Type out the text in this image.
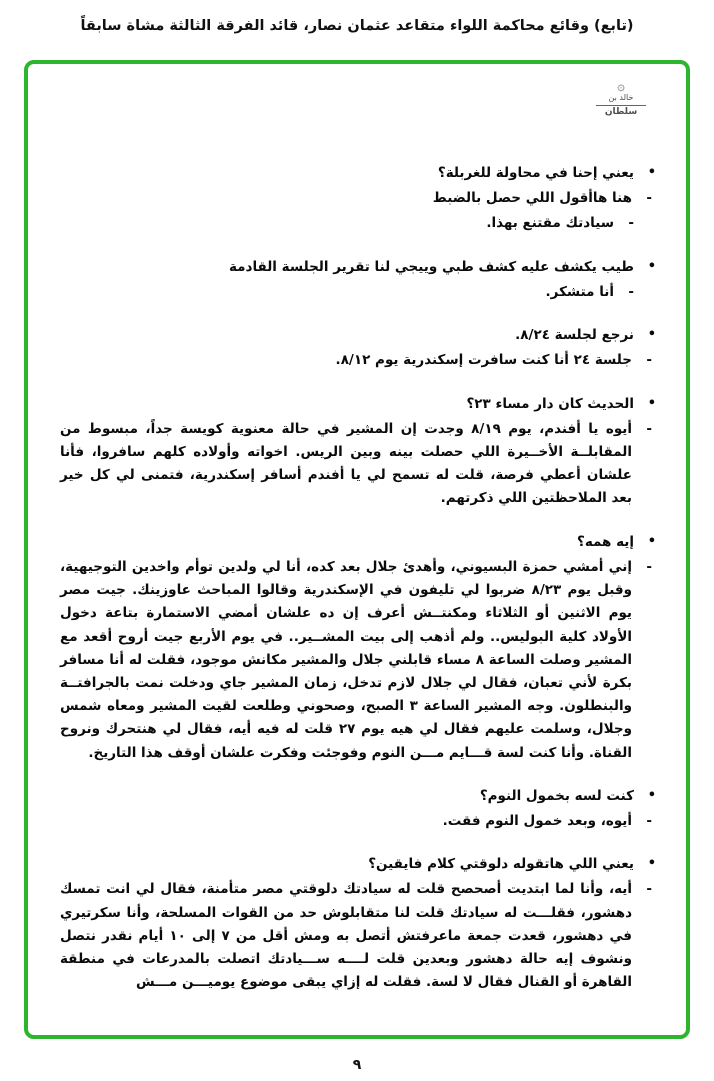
(تابع) وقائع محاكمة اللواء متقاعد عثمان نصار، قائد الفرقة الثالثة مشاة سابقاً
۞
خالد بن
سلطان
•
يعني إحنا في محاولة للغربلة؟
-
هنا هاأقول اللي حصل بالضبط
-
سيادتك مقتنع بهذا.
•
طيب يكشف عليه كشف طبي وييجي لنا تقرير الجلسة القادمة
-
أنا متشكر.
•
نرجع لجلسة ٨/٢٤.
-
جلسة ٢٤ أنا كنت سافرت إسكندرية يوم ٨/١٢.
•
الحديث كان دار مساء ٢٣؟
-
أيوه يا أفندم، يوم ٨/١٩ وجدت إن المشير في حالة معنوية كويسة جداً، مبسوط من المقابلــة الأخــيرة اللي حصلت بينه وبين الريس. اخواته وأولاده كلهم سافروا، فأنا علشان أعطي فرصة، قلت له تسمح لي يا أفندم أسافر إسكندرية، فتمنى لي كل خير بعد الملاحظتين اللي ذكرتهم.
•
إيه همه؟
-
إني أمشي حمزة البسيوني، وأهدئ جلال بعد كده، أنا لي ولدين توأم واخدين التوجيهية، وقبل يوم ٨/٢٣ ضربوا لي تليفون في الإسكندرية وقالوا المباحث عاوزينك. جيت مصر يوم الاثنين أو الثلاثاء ومكنتــش أعرف إن ده علشان أمضي الاستمارة بتاعة دخول الأولاد كلية البوليس.. ولم أذهب إلى بيت المشــير.. في يوم الأربع جيت أروح أقعد مع المشير وصلت الساعة ٨ مساء قابلني جلال والمشير مكانش موجود، فقلت له أنا مسافر بكرة لأني تعبان، فقال لي جلال لازم تدخل، زمان المشير جاي ودخلت نمت بالجرافتــة والبنطلون. وجه المشير الساعة ٣ الصبح، وصحوني وطلعت لقيت المشير ومعاه شمس وجلال، وسلمت عليهم فقال لي هيه يوم ٢٧ قلت له فيه أيه، فقال لي هنتحرك ونروح القناة. وأنا كنت لسة قـــايم مـــن النوم وفوجئت وفكرت علشان أوقف هذا التاريخ.
•
كنت لسه بخمول النوم؟
-
أيوه، وبعد خمول النوم فقت.
•
يعني اللي هاتقوله دلوقتي كلام فايقين؟
-
أيه، وأنا لما ابتديت أصحصح قلت له سيادتك دلوقتي مصر متأمنة، فقال لي انت تمسك دهشور، فقلـــت له سيادتك قلت لنا متقابلوش حد من القوات المسلحة، وأنا سكرتيري في دهشور، قعدت جمعة ماعرفتش أتصل به ومش أقل من ٧ إلى ١٠ أيام نقدر نتصل ونشوف إيه حالة دهشور وبعدين قلت لــــه ســـيادتك اتصلت بالمدرعات في منطقة القاهرة أو القنال فقال لا لسة. فقلت له إزاي يبقى موضوع يوميـــن مـــش
٩
